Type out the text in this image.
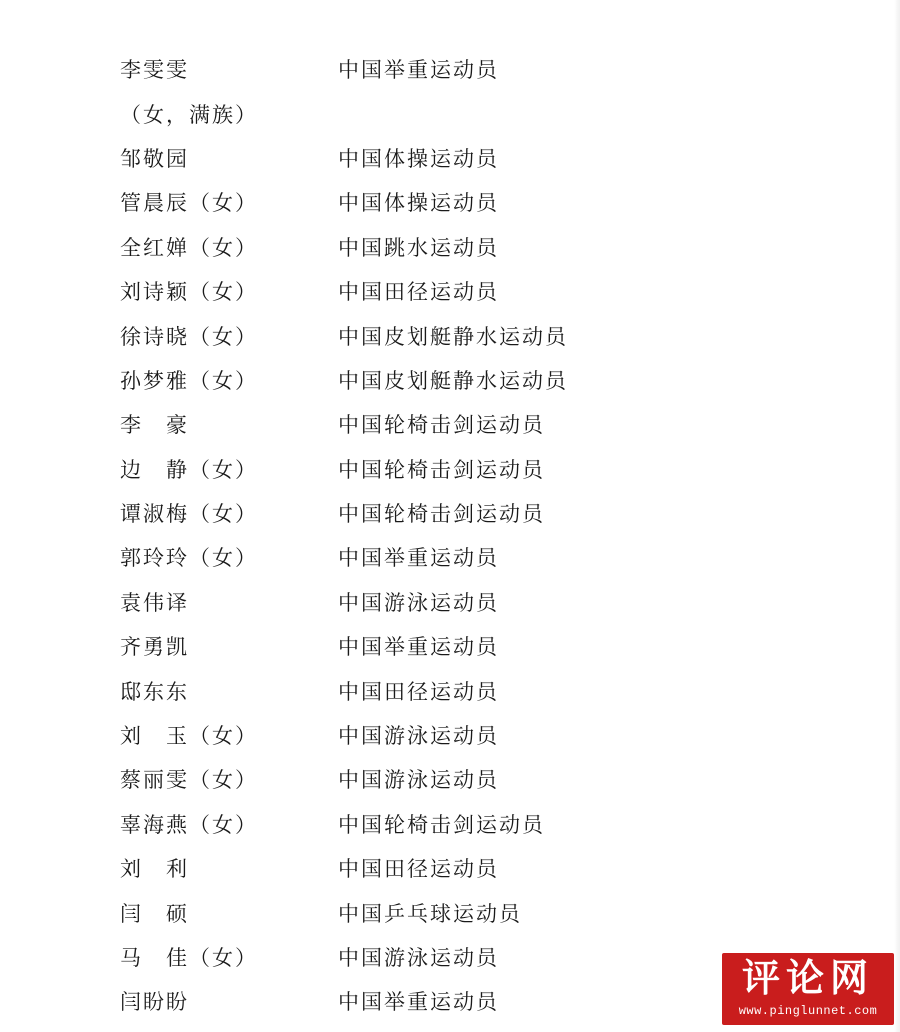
李雯雯	中国举重运动员
（女，满族）
邹敬园	中国体操运动员
管晨辰（女）	中国体操运动员
全红婵（女）	中国跳水运动员
刘诗颖（女）	中国田径运动员
徐诗晓（女）	中国皮划艇静水运动员
孙梦雅（女）	中国皮划艇静水运动员
李　豪	中国轮椅击剑运动员
边　静（女）	中国轮椅击剑运动员
谭淑梅（女）	中国轮椅击剑运动员
郭玲玲（女）	中国举重运动员
袁伟译	中国游泳运动员
齐勇凯	中国举重运动员
邸东东	中国田径运动员
刘　玉（女）	中国游泳运动员
蔡丽雯（女）	中国游泳运动员
辜海燕（女）	中国轮椅击剑运动员
刘　利	中国田径运动员
闫　硕	中国乒乓球运动员
马　佳（女）	中国游泳运动员
闫盼盼	中国举重运动员
评论网
www.pinglunnet.com
